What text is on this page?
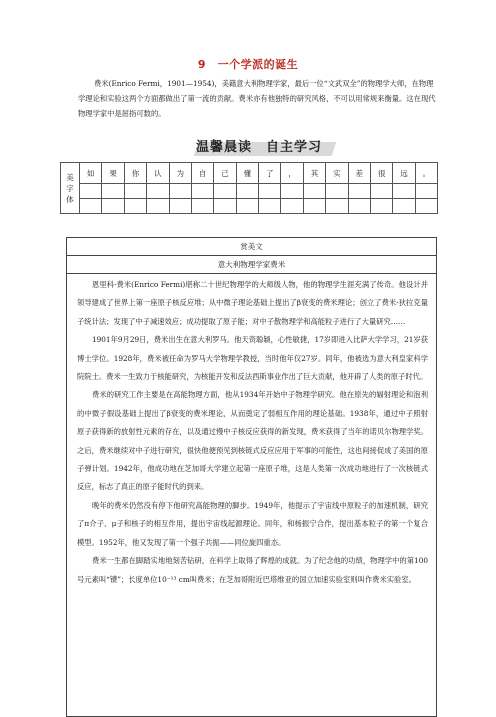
9　一个学派的诞生
费米(Enrico Fermi，1901—1954)，美籍意大利物理学家，最后一位“文武双全”的物理学大师，在物理学理论和实验这两个方面都做出了第一流的贡献。费米亦有他独特的研究风格，不可以用常规来衡量。这在现代物理学家中是屈指可数的。
温馨晨读　自主学习
美
字
体	如	果	你	认	为	自	己	懂	了	，	其	实	差	很	远	。

赏美文
意大利物理学家费米

恩里科·费米(Enrico Fermi)堪称二十世纪物理学的大师级人物，他的物理学生涯充满了传奇。他设计并领导建成了世界上第一座原子核反应堆；从中微子理论基础上提出了β衰变的费米理论；创立了费米-狄拉克量子统计法；发现了中子减速效应；成功提取了原子能；对中子散物理学和高能粒子进行了大量研究……

1901年9月29日，费米出生在意大利罗马。他天资聪颖，心性敏捷，17岁即进入比萨大学学习，21岁获博士学位。1928年，费米被任命为罗马大学物理学教授，当时他年仅27岁。同年，他被选为意大利皇家科学院院士。费米一生致力于核能研究，为核能开发和反法西斯事业作出了巨大贡献，他开辟了人类的原子时代。

费米的研究工作主要是在高能物理方面，他从1934年开始中子物理学研究。他在原先的辐射理论和泡利的中微子假设基础上提出了β衰变的费米理论，从而奠定了弱相互作用的理论基础。1938年，通过中子照射原子获得新的放射性元素的存在，以及通过慢中子核反应获得的新发现，费米获得了当年的诺贝尔物理学奖。之后，费米继续对中子进行研究，很快他便预见到核链式反应应用于军事的可能性，这也间接促成了美国的原子弹计划。1942年，他成功地在芝加哥大学建立起第一座原子堆，这是人类第一次成功地进行了一次核链式反应，标志了真正的原子能时代的到来。

晚年的费米仍然没有停下他研究高能物理的脚步。1949年，他提示了宇宙线中原粒子的加速机制，研究了π介子、μ子和核子的相互作用，提出宇宙线起源理论。同年，和杨振宁合作，提出基本粒子的第一个复合模型。1952年，他又发现了第一个强子共振——同位旋四重态。

费米一生都在脚踏实地地刻苦钻研，在科学上取得了辉煌的成就。为了纪念他的功绩，物理学中的第100号元素叫“镄”；长度单位10⁻¹³ cm叫费米；在芝加哥附近巴塔维亚的国立加速实验室则叫作费米实验室。
